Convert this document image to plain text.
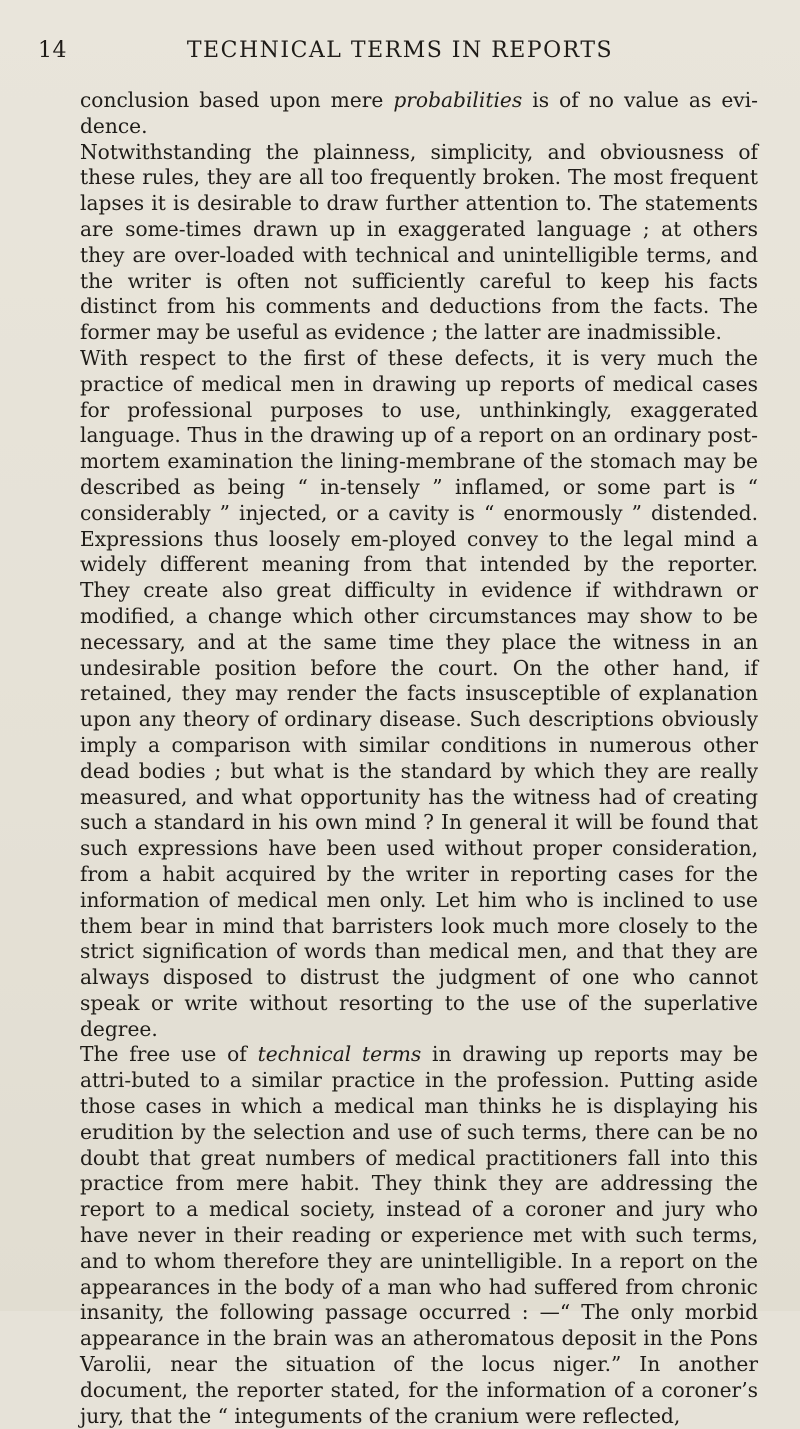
14	TECHNICAL TERMS IN REPORTS

conclusion based upon mere probabilities is of no value as evi-dence.

Notwithstanding the plainness, simplicity, and obviousness of these rules, they are all too frequently broken. The most frequent lapses it is desirable to draw further attention to. The statements are some-times drawn up in exaggerated language ; at others they are over-loaded with technical and unintelligible terms, and the writer is often not sufficiently careful to keep his facts distinct from his comments and deductions from the facts. The former may be useful as evidence ; the latter are inadmissible.

With respect to the first of these defects, it is very much the practice of medical men in drawing up reports of medical cases for professional purposes to use, unthinkingly, exaggerated language. Thus in the drawing up of a report on an ordinary post-mortem examination the lining-membrane of the stomach may be described as being “ in-tensely ” inflamed, or some part is “ considerably ” injected, or a cavity is “ enormously ” distended. Expressions thus loosely em-ployed convey to the legal mind a widely different meaning from that intended by the reporter. They create also great difficulty in evidence if withdrawn or modified, a change which other circumstances may show to be necessary, and at the same time they place the witness in an undesirable position before the court. On the other hand, if retained, they may render the facts insusceptible of explanation upon any theory of ordinary disease. Such descriptions obviously imply a comparison with similar conditions in numerous other dead bodies ; but what is the standard by which they are really measured, and what opportunity has the witness had of creating such a standard in his own mind ? In general it will be found that such expressions have been used without proper consideration, from a habit acquired by the writer in reporting cases for the information of medical men only. Let him who is inclined to use them bear in mind that barristers look much more closely to the strict signification of words than medical men, and that they are always disposed to distrust the judgment of one who cannot speak or write without resorting to the use of the superlative degree.

The free use of technical terms in drawing up reports may be attri-buted to a similar practice in the profession. Putting aside those cases in which a medical man thinks he is displaying his erudition by the selection and use of such terms, there can be no doubt that great numbers of medical practitioners fall into this practice from mere habit. They think they are addressing the report to a medical society, instead of a coroner and jury who have never in their reading or experience met with such terms, and to whom therefore they are unintelligible. In a report on the appearances in the body of a man who had suffered from chronic insanity, the following passage occurred : —“ The only morbid appearance in the brain was an atheromatous deposit in the Pons Varolii, near the situation of the locus niger.” In another document, the reporter stated, for the information of a coroner’s jury, that the “ integuments of the cranium were reflected,
